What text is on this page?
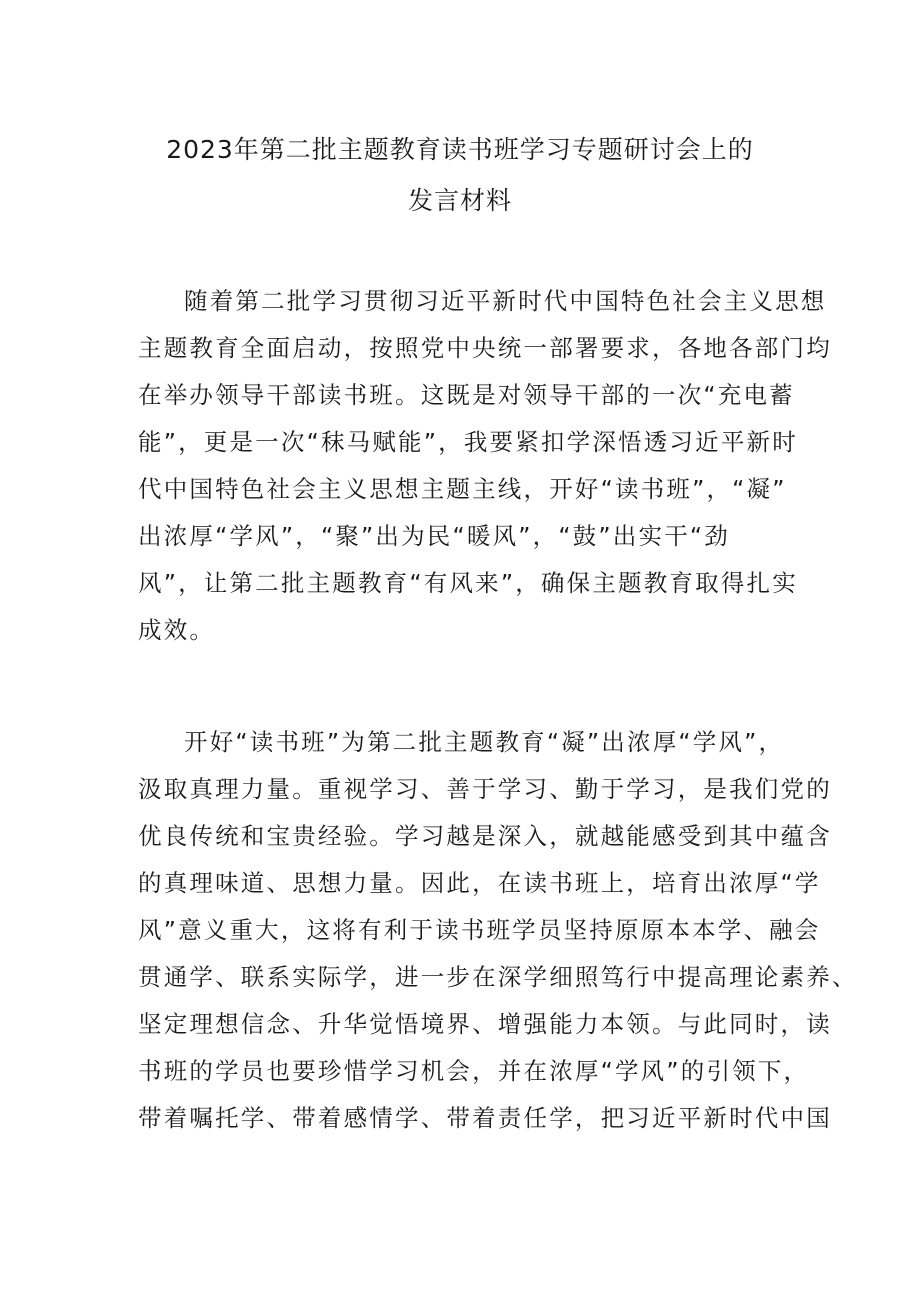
2023年第二批主题教育读书班学习专题研讨会上的
发言材料
随着第二批学习贯彻习近平新时代中国特色社会主义思想
主题教育全面启动，按照党中央统一部署要求，各地各部门均
在举办领导干部读书班。这既是对领导干部的一次“充电蓄
能”，更是一次“秣马赋能”，我要紧扣学深悟透习近平新时
代中国特色社会主义思想主题主线，开好“读书班”，“凝”
出浓厚“学风”，“聚”出为民“暖风”，“鼓”出实干“劲
风”，让第二批主题教育“有风来”，确保主题教育取得扎实
成效。
开好“读书班”为第二批主题教育“凝”出浓厚“学风”，
汲取真理力量。重视学习、善于学习、勤于学习，是我们党的
优良传统和宝贵经验。学习越是深入，就越能感受到其中蕴含
的真理味道、思想力量。因此，在读书班上，培育出浓厚“学
风”意义重大，这将有利于读书班学员坚持原原本本学、融会
贯通学、联系实际学，进一步在深学细照笃行中提高理论素养、
坚定理想信念、升华觉悟境界、增强能力本领。与此同时，读
书班的学员也要珍惜学习机会，并在浓厚“学风”的引领下，
带着嘱托学、带着感情学、带着责任学，把习近平新时代中国
